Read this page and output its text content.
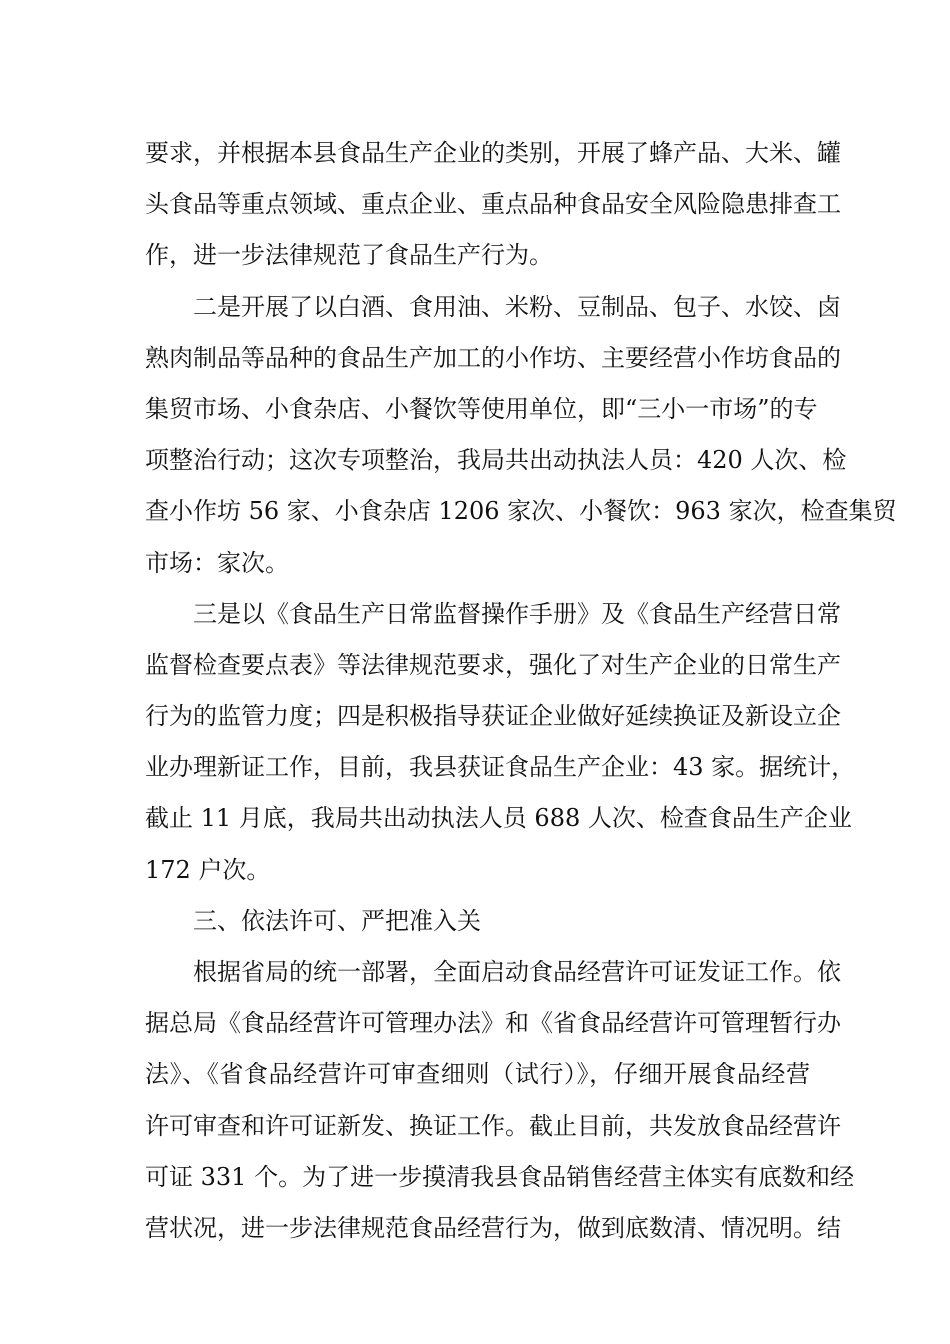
要求，并根据本县食品生产企业的类别，开展了蜂产品、大米、罐
头食品等重点领域、重点企业、重点品种食品安全风险隐患排查工
作，进一步法律规范了食品生产行为。
二是开展了以白酒、食用油、米粉、豆制品、包子、水饺、卤
熟肉制品等品种的食品生产加工的小作坊、主要经营小作坊食品的
集贸市场、小食杂店、小餐饮等使用单位，即“三小一市场”的专
项整治行动；这次专项整治，我局共出动执法人员：420 人次、检
查小作坊 56 家、小食杂店 1206 家次、小餐饮：963 家次，检查集贸
市场：家次。
三是以《食品生产日常监督操作手册》及《食品生产经营日常
监督检查要点表》等法律规范要求，强化了对生产企业的日常生产
行为的监管力度；四是积极指导获证企业做好延续换证及新设立企
业办理新证工作，目前，我县获证食品生产企业：43 家。据统计，
截止 11 月底，我局共出动执法人员 688 人次、检查食品生产企业
172 户次。
三、依法许可、严把准入关
根据省局的统一部署，全面启动食品经营许可证发证工作。依
据总局《食品经营许可管理办法》和《省食品经营许可管理暂行办
法》、《省食品经营许可审查细则（试行）》，仔细开展食品经营
许可审查和许可证新发、换证工作。截止目前，共发放食品经营许
可证 331 个。为了进一步摸清我县食品销售经营主体实有底数和经
营状况，进一步法律规范食品经营行为，做到底数清、情况明。结
